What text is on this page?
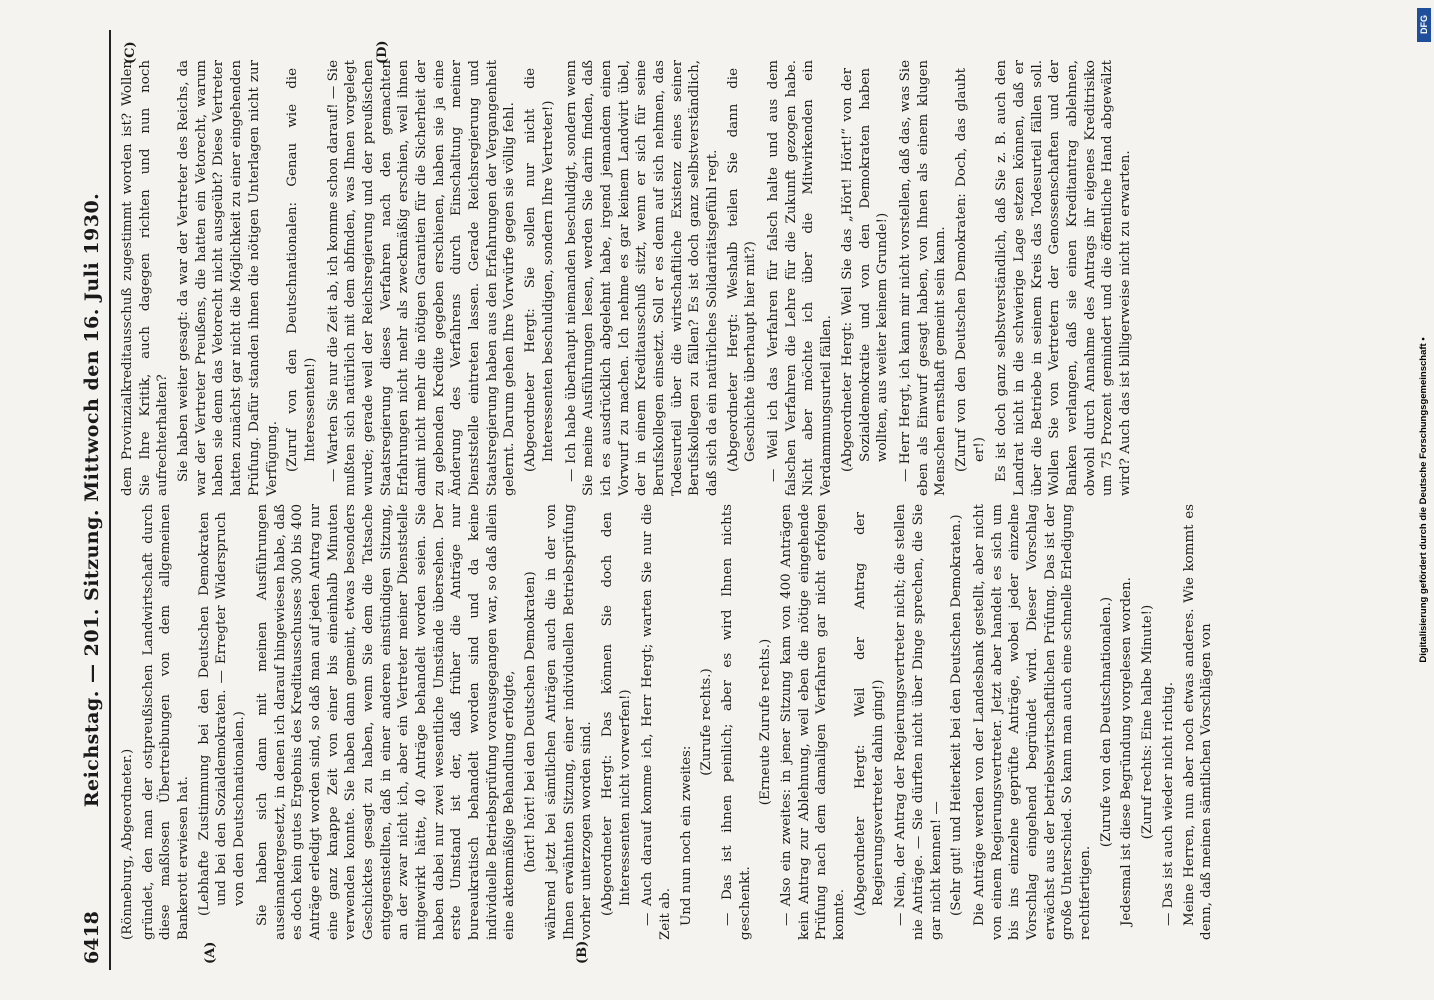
6418
Reichstag. — 201. Sitzung. Mittwoch den 16. Juli 1930.
(A)	(B)
(C)	(D)

(Rönneburg, Abgeordneter.) gründet, den man der ostpreußischen Landwirtschaft durch diese maßlosen Übertreibungen von dem allgemeinen Bankerott erwiesen hat. (Lebhafte Zustimmung bei den Deutschen Demokraten und bei den Sozialdemokraten. — Erregter Widerspruch von den Deutschnationalen.) Sie haben sich dann mit meinen Ausführungen auseinandergesetzt, in denen ich darauf hingewiesen habe, daß es doch kein gutes Ergebnis des Kreditausschusses 300 bis 400 Anträge erledigt worden sind, so daß man auf jeden Antrag nur eine ganz knappe Zeit von einer bis eineinhalb Minuten verwenden konnte. Sie haben dann gemeint, etwas besonders Geschicktes gesagt zu haben, wenn Sie dem die Tatsache entgegenstellten, daß in einer anderen einstündigen Sitzung, an der zwar nicht ich, aber ein Vertreter meiner Dienststelle mitgewirkt hätte, 40 Anträge behandelt worden seien. Sie haben dabei nur zwei wesentliche Umstände übersehen. Der erste Umstand ist der, daß früher die Anträge nur bureaukratisch behandelt worden sind und da keine individuelle Betriebsprüfung vorausgegangen war, so daß allein eine aktenmäßige Behandlung erfolgte, (hört! hört! bei den Deutschen Demokraten) während jetzt bei sämtlichen Anträgen auch die in der von Ihnen erwähnten Sitzung, einer individuellen Betriebsprüfung vorher unterzogen worden sind. (Abgeordneter Hergt: Das können Sie doch den Interessenten nicht vorwerfen!) — Auch darauf komme ich, Herr Hergt; warten Sie nur die Zeit ab. Und nun noch ein zweites:

(Zurufe rechts.) — Das ist ihnen peinlich; aber es wird Ihnen nichts geschenkt.

(Erneute Zurufe rechts.) — Also ein zweites: in jener Sitzung kam von 400 Anträgen kein Antrag zur Ablehnung, weil eben die nötige eingehende Prüfung nach dem damaligen Verfahren gar nicht erfolgen konnte. (Abgeordneter Hergt: Weil der Antrag der Regierungsvertreter dahin ging!) — Nein, der Antrag der Regierungsvertreter nicht; die stellen nie Anträge. — Sie dürften nicht über Dinge sprechen, die Sie gar nicht kennen! — (Sehr gut! und Heiterkeit bei den Deutschen Demokraten.) Die Anträge werden von der Landesbank gestellt, aber nicht von einem Regierungsvertreter. Jetzt aber handelt es sich um bis ins einzelne geprüfte Anträge, wobei jeder einzelne Vorschlag eingehend begründet wird. Dieser Vorschlag erwächst aus der betriebswirtschaftlichen Prüfung. Das ist der große Unterschied. So kann man auch eine schnelle Erledigung rechtfertigen.

(Zurufe von den Deutschnationalen.) Jedesmal ist diese Begründung vorgelesen worden. (Zuruf rechts: Eine halbe Minute!) — Das ist auch wieder nicht richtig. Meine Herren, nun aber noch etwas anderes. Wie kommt es denn, daß meinen sämtlichen Vorschlägen von

dem Provinzialkreditausschuß zugestimmt worden ist? Wollen Sie Ihre Kritik, auch dagegen richten und nun noch aufrechterhalten? Sie haben weiter gesagt: da war der Vertreter des Reichs, da war der Vertreter Preußens, die hatten ein Vetorecht, warum haben sie denn das Vetorecht nicht ausgeübt? Diese Vertreter hatten zunächst gar nicht die Möglichkeit zu einer eingehenden Prüfung. Dafür standen ihnen die nötigen Unterlagen nicht zur Verfügung. (Zuruf von den Deutschnationalen: Genau wie die Interessenten!) — Warten Sie nur die Zeit ab, ich komme schon darauf! — Sie mußten sich natürlich mit dem abfinden, was Ihnen vorgelegt wurde; gerade weil der Reichsregierung und der preußischen Staatsregierung dieses Verfahren nach den gemachten Erfahrungen nicht mehr als zweckmäßig erschien, weil ihnen damit nicht mehr die nötigen Garantien für die Sicherheit der zu gebenden Kredite gegeben erschienen, haben sie ja eine Änderung des Verfahrens durch Einschaltung meiner Dienststelle eintreten lassen. Gerade Reichsregierung und Staatsregierung haben aus den Erfahrungen der Vergangenheit gelernt. Darum gehen Ihre Vorwürfe gegen sie völlig fehl. (Abgeordneter Hergt: Sie sollen nur nicht die Interessenten beschuldigen, sondern Ihre Vertreter!) — Ich habe überhaupt niemanden beschuldigt, sondern wenn Sie meine Ausführungen lesen, werden Sie darin finden, daß ich es ausdrücklich abgelehnt habe, irgend jemandem einen Vorwurf zu machen. Ich nehme es gar keinem Landwirt übel, der in einem Kreditausschuß sitzt, wenn er sich für seine Berufskollegen einsetzt. Soll er es denn auf sich nehmen, das Todesurteil über die wirtschaftliche Existenz eines seiner Berufskollegen zu fällen? Es ist doch ganz selbstverständlich, daß sich da ein natürliches Solidaritätsgefühl regt. (Abgeordneter Hergt: Weshalb teilen Sie dann die Geschichte überhaupt hier mit?) — Weil ich das Verfahren für falsch halte und aus dem falschen Verfahren die Lehre für die Zukunft gezogen habe. Nicht aber möchte ich über die Mitwirkenden ein Verdammungsurteil fällen. (Abgeordneter Hergt: Weil Sie das „Hört! Hört!“ von der Sozialdemokratie und von den Demokraten haben wollten, aus weiter keinem Grunde!) — Herr Hergt, ich kann mir nicht vorstellen, daß das, was Sie eben als Einwurf gesagt haben, von Ihnen als einem klugen Menschen ernsthaft gemeint sein kann. (Zuruf von den Deutschen Demokraten: Doch, das glaubt er!) Es ist doch ganz selbstverständlich, daß Sie z. B. auch den Landrat nicht in die schwierige Lage setzen können, daß er über die Betriebe in seinem Kreis das Todesurteil fällen soll. Wollen Sie von Vertretern der Genossenschaften und der Banken verlangen, daß sie einen Kreditantrag ablehnen, obwohl durch Annahme des Antrags ihr eigenes Kreditrisiko um 75 Prozent gemindert und die öffentliche Hand abgewälzt wird? Auch das ist billigerweise nicht zu erwarten.

Digitalisierung gefördert durch die Deutsche Forschungsgemeinschaft •
DFG
